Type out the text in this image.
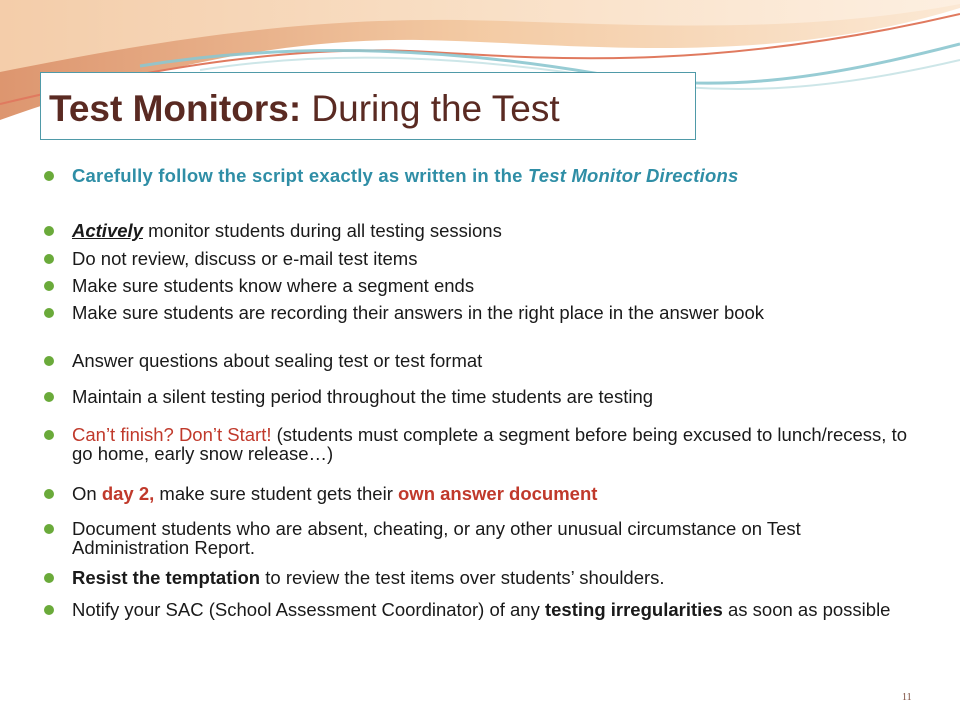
Test Monitors: During the Test
Carefully follow the script exactly as written in the Test Monitor Directions
Actively monitor students during all testing sessions
Do not review, discuss or e-mail test items
Make sure students know where a segment ends
Make sure students are recording their answers in the right place in the answer book
Answer questions about sealing test or test format
Maintain a silent testing period throughout the time students are testing
Can’t finish? Don’t Start! (students must complete a segment before being excused to lunch/recess, to go home, early snow release…)
On day 2, make sure student gets their own answer document
Document students who are absent, cheating, or any other unusual circumstance on Test Administration Report.
Resist the temptation to review the test items over students’ shoulders.
Notify your SAC (School Assessment Coordinator) of any testing irregularities as soon as possible
11
